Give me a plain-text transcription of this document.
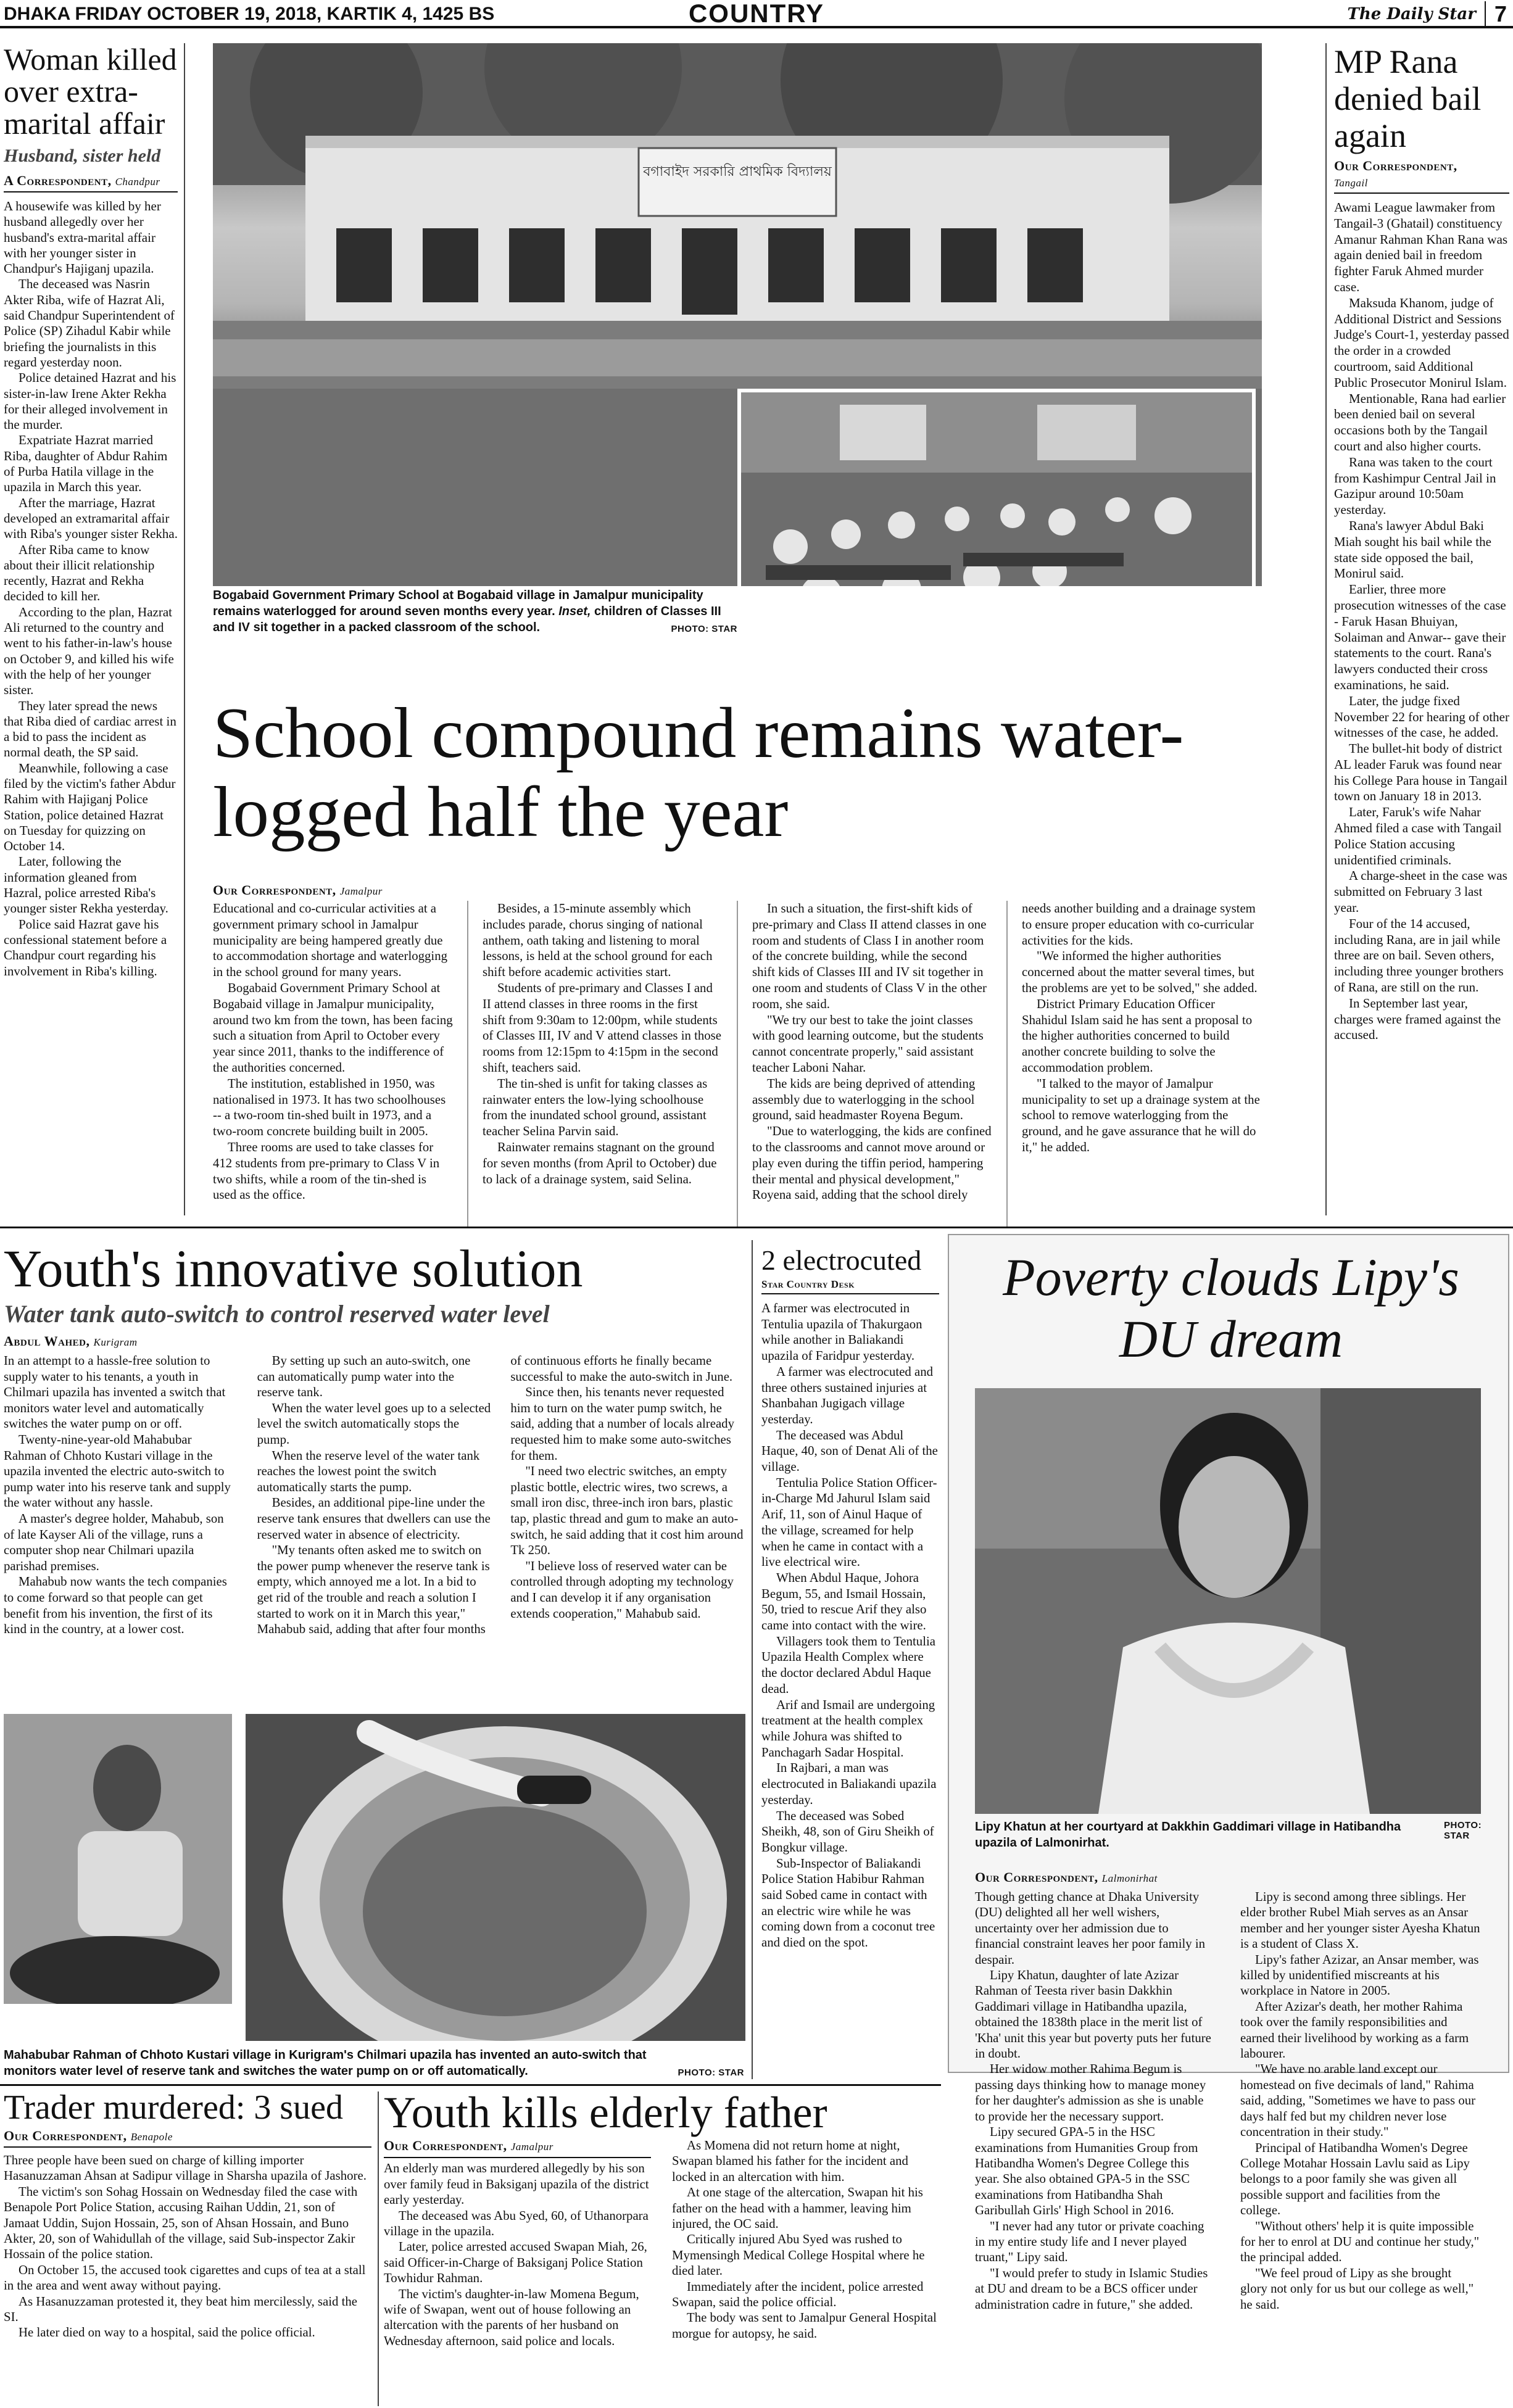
DHAKA FRIDAY OCTOBER 19, 2018, KARTIK 4, 1425 BS	COUNTRY	The Daily Star 7
Woman killed over extra-marital affair
Husband, sister held
A Correspondent, Chandpur

A housewife was killed by her husband allegedly over her husband's extra-marital affair with her younger sister in Chandpur's Hajiganj upazila.

The deceased was Nasrin Akter Riba, wife of Hazrat Ali, said Chandpur Superintendent of Police (SP) Zihadul Kabir while briefing the journalists in this regard yesterday noon.

Police detained Hazrat and his sister-in-law Irene Akter Rekha for their alleged involvement in the murder.

Expatriate Hazrat married Riba, daughter of Abdur Rahim of Purba Hatila village in the upazila in March this year.

After the marriage, Hazrat developed an extramarital affair with Riba's younger sister Rekha.

After Riba came to know about their illicit relationship recently, Hazrat and Rekha decided to kill her.

According to the plan, Hazrat Ali returned to the country and went to his father-in-law's house on October 9, and killed his wife with the help of her younger sister.

They later spread the news that Riba died of cardiac arrest in a bid to pass the incident as normal death, the SP said.

Meanwhile, following a case filed by the victim's father Abdur Rahim with Hajiganj Police Station, police detained Hazrat on Tuesday for quizzing on October 14.

Later, following the information gleaned from Hazral, police arrested Riba's younger sister Rekha yesterday.

Police said Hazrat gave his confessional statement before a Chandpur court regarding his involvement in Riba's killing.

বগাবাইদ সরকারি প্রাথমিক বিদ্যালয়
Bogabaid Government Primary School at Bogabaid village in Jamalpur municipality remains waterlogged for around seven months every year. Inset, children of Classes III and IV sit together in a packed classroom of the school.	PHOTO: STAR
School compound remains water-logged half the year
Our Correspondent, Jamalpur

Educational and co-curricular activities at a government primary school in Jamalpur municipality are being hampered greatly due to accommodation shortage and waterlogging in the school ground for many years.

Bogabaid Government Primary School at Bogabaid village in Jamalpur municipality, around two km from the town, has been facing such a situation from April to October every year since 2011, thanks to the indifference of the authorities concerned.

The institution, established in 1950, was nationalised in 1973. It has two schoolhouses -- a two-room tin-shed built in 1973, and a two-room concrete building built in 2005.

Three rooms are used to take classes for 412 students from pre-primary to Class V in two shifts, while a room of the tin-shed is used as the office.

Besides, a 15-minute assembly which includes parade, chorus singing of national anthem, oath taking and listening to moral lessons, is held at the school ground for each shift before academic activities start.

Students of pre-primary and Classes I and II attend classes in three rooms in the first shift from 9:30am to 12:00pm, while students of Classes III, IV and V attend classes in those rooms from 12:15pm to 4:15pm in the second shift, teachers said.

The tin-shed is unfit for taking classes as rainwater enters the low-lying schoolhouse from the inundated school ground, assistant teacher Selina Parvin said.

Rainwater remains stagnant on the ground for seven months (from April to October) due to lack of a drainage system, said Selina.

In such a situation, the first-shift kids of pre-primary and Class II attend classes in one room and students of Class I in another room of the concrete building, while the second shift kids of Classes III and IV sit together in one room and students of Class V in the other room, she said.

"We try our best to take the joint classes with good learning outcome, but the students cannot concentrate properly," said assistant teacher Laboni Nahar.

The kids are being deprived of attending assembly due to waterlogging in the school ground, said headmaster Royena Begum.

"Due to waterlogging, the kids are confined to the classrooms and cannot move around or play even during the tiffin period, hampering their mental and physical development," Royena said, adding that the school direly needs another building and a drainage system to ensure proper education with co-curricular activities for the kids.

"We informed the higher authorities concerned about the matter several times, but the problems are yet to be solved," she added.

District Primary Education Officer Shahidul Islam said he has sent a proposal to the higher authorities concerned to build another concrete building to solve the accommodation problem.

"I talked to the mayor of Jamalpur municipality to set up a drainage system at the school to remove waterlogging from the ground, and he gave assurance that he will do it," he added.

MP Rana denied bail again
Our Correspondent,
Tangail

Awami League lawmaker from Tangail-3 (Ghatail) constituency Amanur Rahman Khan Rana was again denied bail in freedom fighter Faruk Ahmed murder case.

Maksuda Khanom, judge of Additional District and Sessions Judge's Court-1, yesterday passed the order in a crowded courtroom, said Additional Public Prosecutor Monirul Islam.

Mentionable, Rana had earlier been denied bail on several occasions both by the Tangail court and also higher courts.

Rana was taken to the court from Kashimpur Central Jail in Gazipur around 10:50am yesterday.

Rana's lawyer Abdul Baki Miah sought his bail while the state side opposed the bail, Monirul said.

Earlier, three more prosecution witnesses of the case - Faruk Hasan Bhuiyan, Solaiman and Anwar-- gave their statements to the court. Rana's lawyers conducted their cross examinations, he said.

Later, the judge fixed November 22 for hearing of other witnesses of the case, he added.

The bullet-hit body of district AL leader Faruk was found near his College Para house in Tangail town on January 18 in 2013.

Later, Faruk's wife Nahar Ahmed filed a case with Tangail Police Station accusing unidentified criminals.

A charge-sheet in the case was submitted on February 3 last year.

Four of the 14 accused, including Rana, are in jail while three are on bail. Seven others, including three younger brothers of Rana, are still on the run.

In September last year, charges were framed against the accused.

Youth's innovative solution
Water tank auto-switch to control reserved water level
Abdul Wahed, Kurigram

In an attempt to a hassle-free solution to supply water to his tenants, a youth in Chilmari upazila has invented a switch that monitors water level and automatically switches the water pump on or off.

Twenty-nine-year-old Mahabubar Rahman of Chhoto Kustari village in the upazila invented the electric auto-switch to pump water into his reserve tank and supply the water without any hassle.

A master's degree holder, Mahabub, son of late Kayser Ali of the village, runs a computer shop near Chilmari upazila parishad premises.

Mahabub now wants the tech companies to come forward so that people can get benefit from his invention, the first of its kind in the country, at a lower cost.

By setting up such an auto-switch, one can automatically pump water into the reserve tank.

When the water level goes up to a selected level the switch automatically stops the pump.

When the reserve level of the water tank reaches the lowest point the switch automatically starts the pump.

Besides, an additional pipe-line under the reserve tank ensures that dwellers can use the reserved water in absence of electricity.

"My tenants often asked me to switch on the power pump whenever the reserve tank is empty, which annoyed me a lot. In a bid to get rid of the trouble and reach a solution I started to work on it in March this year," Mahabub said, adding that after four months of continuous efforts he finally became successful to make the auto-switch in June.

Since then, his tenants never requested him to turn on the water pump switch, he said, adding that a number of locals already requested him to make some auto-switches for them.

"I need two electric switches, an empty plastic bottle, electric wires, two screws, a small iron disc, three-inch iron bars, plastic tap, plastic thread and gum to make an auto-switch, he said adding that it cost him around Tk 250.

"I believe loss of reserved water can be controlled through adopting my technology and I can develop it if any organisation extends cooperation," Mahabub said.

Mahabubar Rahman of Chhoto Kustari village in Kurigram's Chilmari upazila has invented an auto-switch that monitors water level of reserve tank and switches the water pump on or off automatically.	PHOTO: STAR
2 electrocuted
Star Country Desk

A farmer was electrocuted in Tentulia upazila of Thakurgaon while another in Baliakandi upazila of Faridpur yesterday.

A farmer was electrocuted and three others sustained injuries at Shanbahan Jugigach village yesterday.

The deceased was Abdul Haque, 40, son of Denat Ali of the village.

Tentulia Police Station Officer-in-Charge Md Jahurul Islam said Arif, 11, son of Ainul Haque of the village, screamed for help when he came in contact with a live electrical wire.

When Abdul Haque, Johora Begum, 55, and Ismail Hossain, 50, tried to rescue Arif they also came into contact with the wire.

Villagers took them to Tentulia Upazila Health Complex where the doctor declared Abdul Haque dead.

Arif and Ismail are undergoing treatment at the health complex while Johura was shifted to Panchagarh Sadar Hospital.

In Rajbari, a man was electrocuted in Baliakandi upazila yesterday.

The deceased was Sobed Sheikh, 48, son of Giru Sheikh of Bongkur village.

Sub-Inspector of Baliakandi Police Station Habibur Rahman said Sobed came in contact with an electric wire while he was coming down from a coconut tree and died on the spot.

Poverty clouds Lipy's DU dream
Lipy Khatun at her courtyard at Dakkhin Gaddimari village in Hatibandha upazila of Lalmonirhat.
PHOTO: STAR
Our Correspondent, Lalmonirhat

Though getting chance at Dhaka University (DU) delighted all her well wishers, uncertainty over her admission due to financial constraint leaves her poor family in despair.

Lipy Khatun, daughter of late Azizar Rahman of Teesta river basin Dakkhin Gaddimari village in Hatibandha upazila, obtained the 1838th place in the merit list of 'Kha' unit this year but poverty puts her future in doubt.

Her widow mother Rahima Begum is passing days thinking how to manage money for her daughter's admission as she is unable to provide her the necessary support.

Lipy secured GPA-5 in the HSC examinations from Humanities Group from Hatibandha Women's Degree College this year. She also obtained GPA-5 in the SSC examinations from Hatibandha Shah Garibullah Girls' High School in 2016.

"I never had any tutor or private coaching in my entire study life and I never played truant," Lipy said.

"I would prefer to study in Islamic Studies at DU and dream to be a BCS officer under administration cadre in future," she added.

Lipy is second among three siblings. Her elder brother Rubel Miah serves as an Ansar member and her younger sister Ayesha Khatun is a student of Class X.

Lipy's father Azizar, an Ansar member, was killed by unidentified miscreants at his workplace in Natore in 2005.

After Azizar's death, her mother Rahima took over the family responsibilities and earned their livelihood by working as a farm labourer.

"We have no arable land except our homestead on five decimals of land," Rahima said, adding, "Sometimes we have to pass our days half fed but my children never lose concentration in their study."

Principal of Hatibandha Women's Degree College Motahar Hossain Lavlu said as Lipy belongs to a poor family she was given all possible support and facilities from the college.

"Without others' help it is quite impossible for her to enrol at DU and continue her study," the principal added.

"We feel proud of Lipy as she brought glory not only for us but our college as well," he said.

Trader murdered: 3 sued
Our Correspondent, Benapole

Three people have been sued on charge of killing importer Hasanuzzaman Ahsan at Sadipur village in Sharsha upazila of Jashore.

The victim's son Sohag Hossain on Wednesday filed the case with Benapole Port Police Station, accusing Raihan Uddin, 21, son of Jamaat Uddin, Sujon Hossain, 25, son of Ahsan Hossain, and Buno Akter, 20, son of Wahidullah of the village, said Sub-inspector Zakir Hossain of the police station.

On October 15, the accused took cigarettes and cups of tea at a stall in the area and went away without paying.

As Hasanuzzaman protested it, they beat him mercilessly, said the SI.

He later died on way to a hospital, said the police official.

Youth kills elderly father
Our Correspondent, Jamalpur

An elderly man was murdered allegedly by his son over family feud in Baksiganj upazila of the district early yesterday.

The deceased was Abu Syed, 60, of Uthanorpara village in the upazila.

Later, police arrested accused Swapan Miah, 26, said Officer-in-Charge of Baksiganj Police Station Towhidur Rahman.

The victim's daughter-in-law Momena Begum, wife of Swapan, went out of house following an altercation with the parents of her husband on Wednesday afternoon, said police and locals.

As Momena did not return home at night, Swapan blamed his father for the incident and locked in an altercation with him.

At one stage of the altercation, Swapan hit his father on the head with a hammer, leaving him injured, the OC said.

Critically injured Abu Syed was rushed to Mymensingh Medical College Hospital where he died later.

Immediately after the incident, police arrested Swapan, said the police official.

The body was sent to Jamalpur General Hospital morgue for autopsy, he said.
